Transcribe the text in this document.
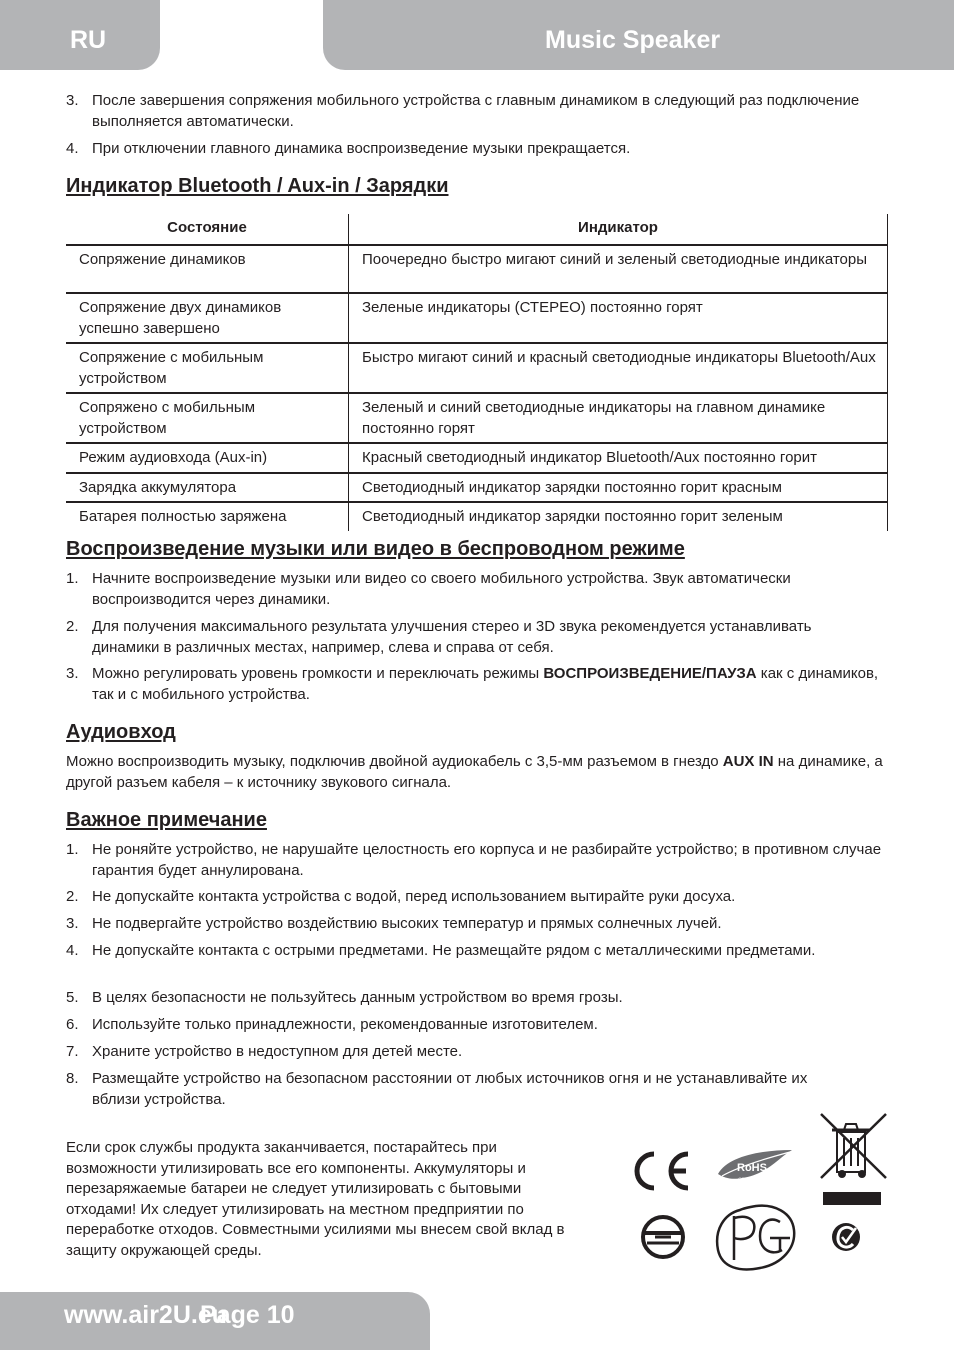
RU	Music Speaker
3. После завершения сопряжения мобильного устройства с главным динамиком в следующий раз подключение выполняется автоматически.
4. При отключении главного динамика воспроизведение музыки прекращается.
Индикатор Bluetooth / Aux-in / Зарядки
Состояние	Индикатор
Сопряжение динамиков	Поочередно быстро мигают синий и зеленый светодиодные индикаторы
Сопряжение двух динамиков успешно завершено	Зеленые индикаторы (СТЕРЕО) постоянно горят
Сопряжение с мобильным устройством	Быстро мигают синий и красный светодиодные индикаторы Bluetooth/Aux
Сопряжено с мобильным устройством	Зеленый и синий светодиодные индикаторы на главном динамике постоянно горят
Режим аудиовхода (Aux-in)	Красный светодиодный индикатор Bluetooth/Aux постоянно горит
Зарядка аккумулятора	Светодиодный индикатор зарядки постоянно горит красным
Батарея полностью заряжена	Светодиодный индикатор зарядки постоянно горит зеленым
Воспроизведение музыки или видео в беспроводном режиме
1. Начните воспроизведение музыки или видео со своего мобильного устройства. Звук автоматически воспроизводится через динамики.
2. Для получения максимального результата улучшения стерео и 3D звука рекомендуется устанавливать динамики в различных местах, например, слева и справа от себя.
3. Можно регулировать уровень громкости и переключать режимы ВОСПРОИЗВЕДЕНИЕ/ПАУЗА как с динамиков, так и с мобильного устройства.
Аудиовход
Можно воспроизводить музыку, подключив двойной аудиокабель с 3,5-мм разъемом в гнездо AUX IN на динамике, а другой разъем кабеля – к источнику звукового сигнала.
Важное примечание
1. Не роняйте устройство, не нарушайте целостность его корпуса и не разбирайте устройство; в противном случае гарантия будет аннулирована.
2. Не допускайте контакта устройства с водой, перед использованием вытирайте руки досуха.
3. Не подвергайте устройство воздействию высоких температур и прямых солнечных лучей.
4. Не допускайте контакта с острыми предметами. Не размещайте рядом с металлическими предметами.
5. В целях безопасности не пользуйтесь данным устройством во время грозы.
6. Используйте только принадлежности, рекомендованные изготовителем.
7. Храните устройство в недоступном для детей месте.
8. Размещайте устройство на безопасном расстоянии от любых источников огня и не устанавливайте их вблизи устройства.
Если срок службы продукта заканчивается, постарайтесь при возможности утилизировать все его компоненты. Аккумуляторы и перезаряжаемые батареи не следует утилизировать с бытовыми отходами! Их следует утилизировать на местном предприятии по переработке отходов. Совместными усилиями мы внесем свой вклад в защиту окружающей среды.
RoHS
COMPLIANT
www.air2U.eu
Page 10
